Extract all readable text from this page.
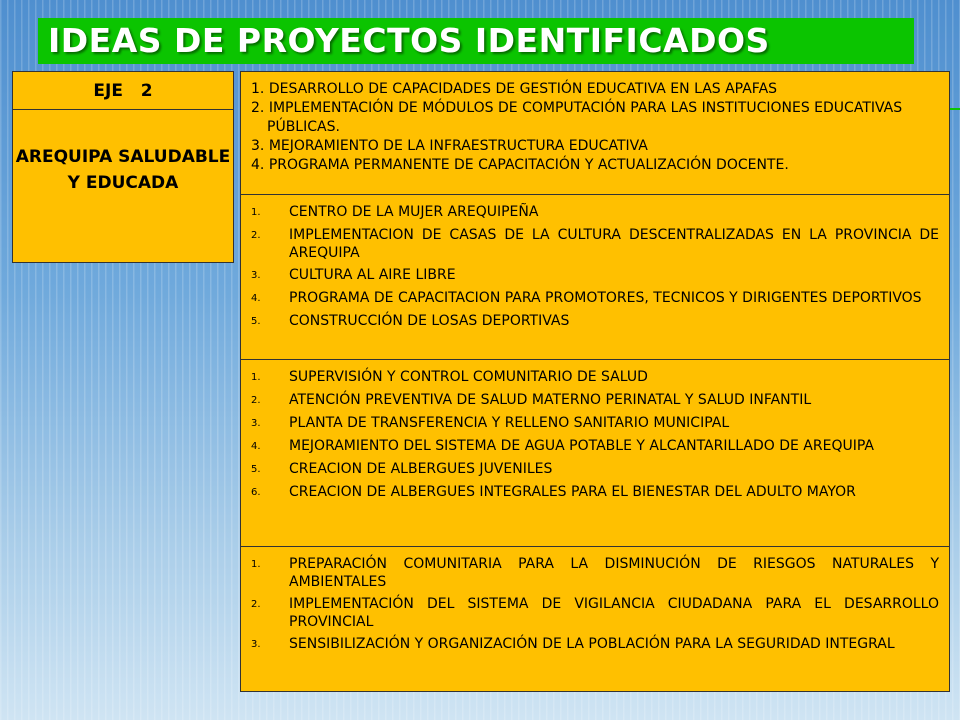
IDEAS DE PROYECTOS IDENTIFICADOS
EJE   2
AREQUIPA SALUDABLE Y EDUCADA
1. DESARROLLO DE CAPACIDADES DE GESTIÓN EDUCATIVA EN LAS APAFAS
2. IMPLEMENTACIÓN DE MÓDULOS DE COMPUTACIÓN PARA LAS INSTITUCIONES EDUCATIVAS PÚBLICAS.
3. MEJORAMIENTO DE LA INFRAESTRUCTURA EDUCATIVA
4. PROGRAMA PERMANENTE DE CAPACITACIÓN Y ACTUALIZACIÓN DOCENTE.
1.	CENTRO DE LA MUJER AREQUIPEÑA
2.	IMPLEMENTACION DE CASAS DE LA CULTURA DESCENTRALIZADAS EN LA PROVINCIA DE AREQUIPA
3.	CULTURA AL AIRE LIBRE
4.	PROGRAMA DE CAPACITACION PARA PROMOTORES, TECNICOS Y DIRIGENTES DEPORTIVOS
5.	CONSTRUCCIÓN DE LOSAS DEPORTIVAS
1.	SUPERVISIÓN Y CONTROL COMUNITARIO DE SALUD
2.	ATENCIÓN PREVENTIVA DE SALUD MATERNO PERINATAL Y SALUD INFANTIL
3.	PLANTA DE TRANSFERENCIA Y RELLENO SANITARIO MUNICIPAL
4.	MEJORAMIENTO DEL SISTEMA DE AGUA POTABLE Y ALCANTARILLADO DE AREQUIPA
5.	CREACION DE ALBERGUES JUVENILES
6.	CREACION DE ALBERGUES INTEGRALES PARA EL BIENESTAR DEL ADULTO MAYOR
1.	PREPARACIÓN COMUNITARIA PARA LA DISMINUCIÓN DE RIESGOS NATURALES Y AMBIENTALES
2.	IMPLEMENTACIÓN DEL SISTEMA DE VIGILANCIA CIUDADANA PARA EL DESARROLLO PROVINCIAL
3.	SENSIBILIZACIÓN Y ORGANIZACIÓN DE LA POBLACIÓN PARA LA SEGURIDAD INTEGRAL
